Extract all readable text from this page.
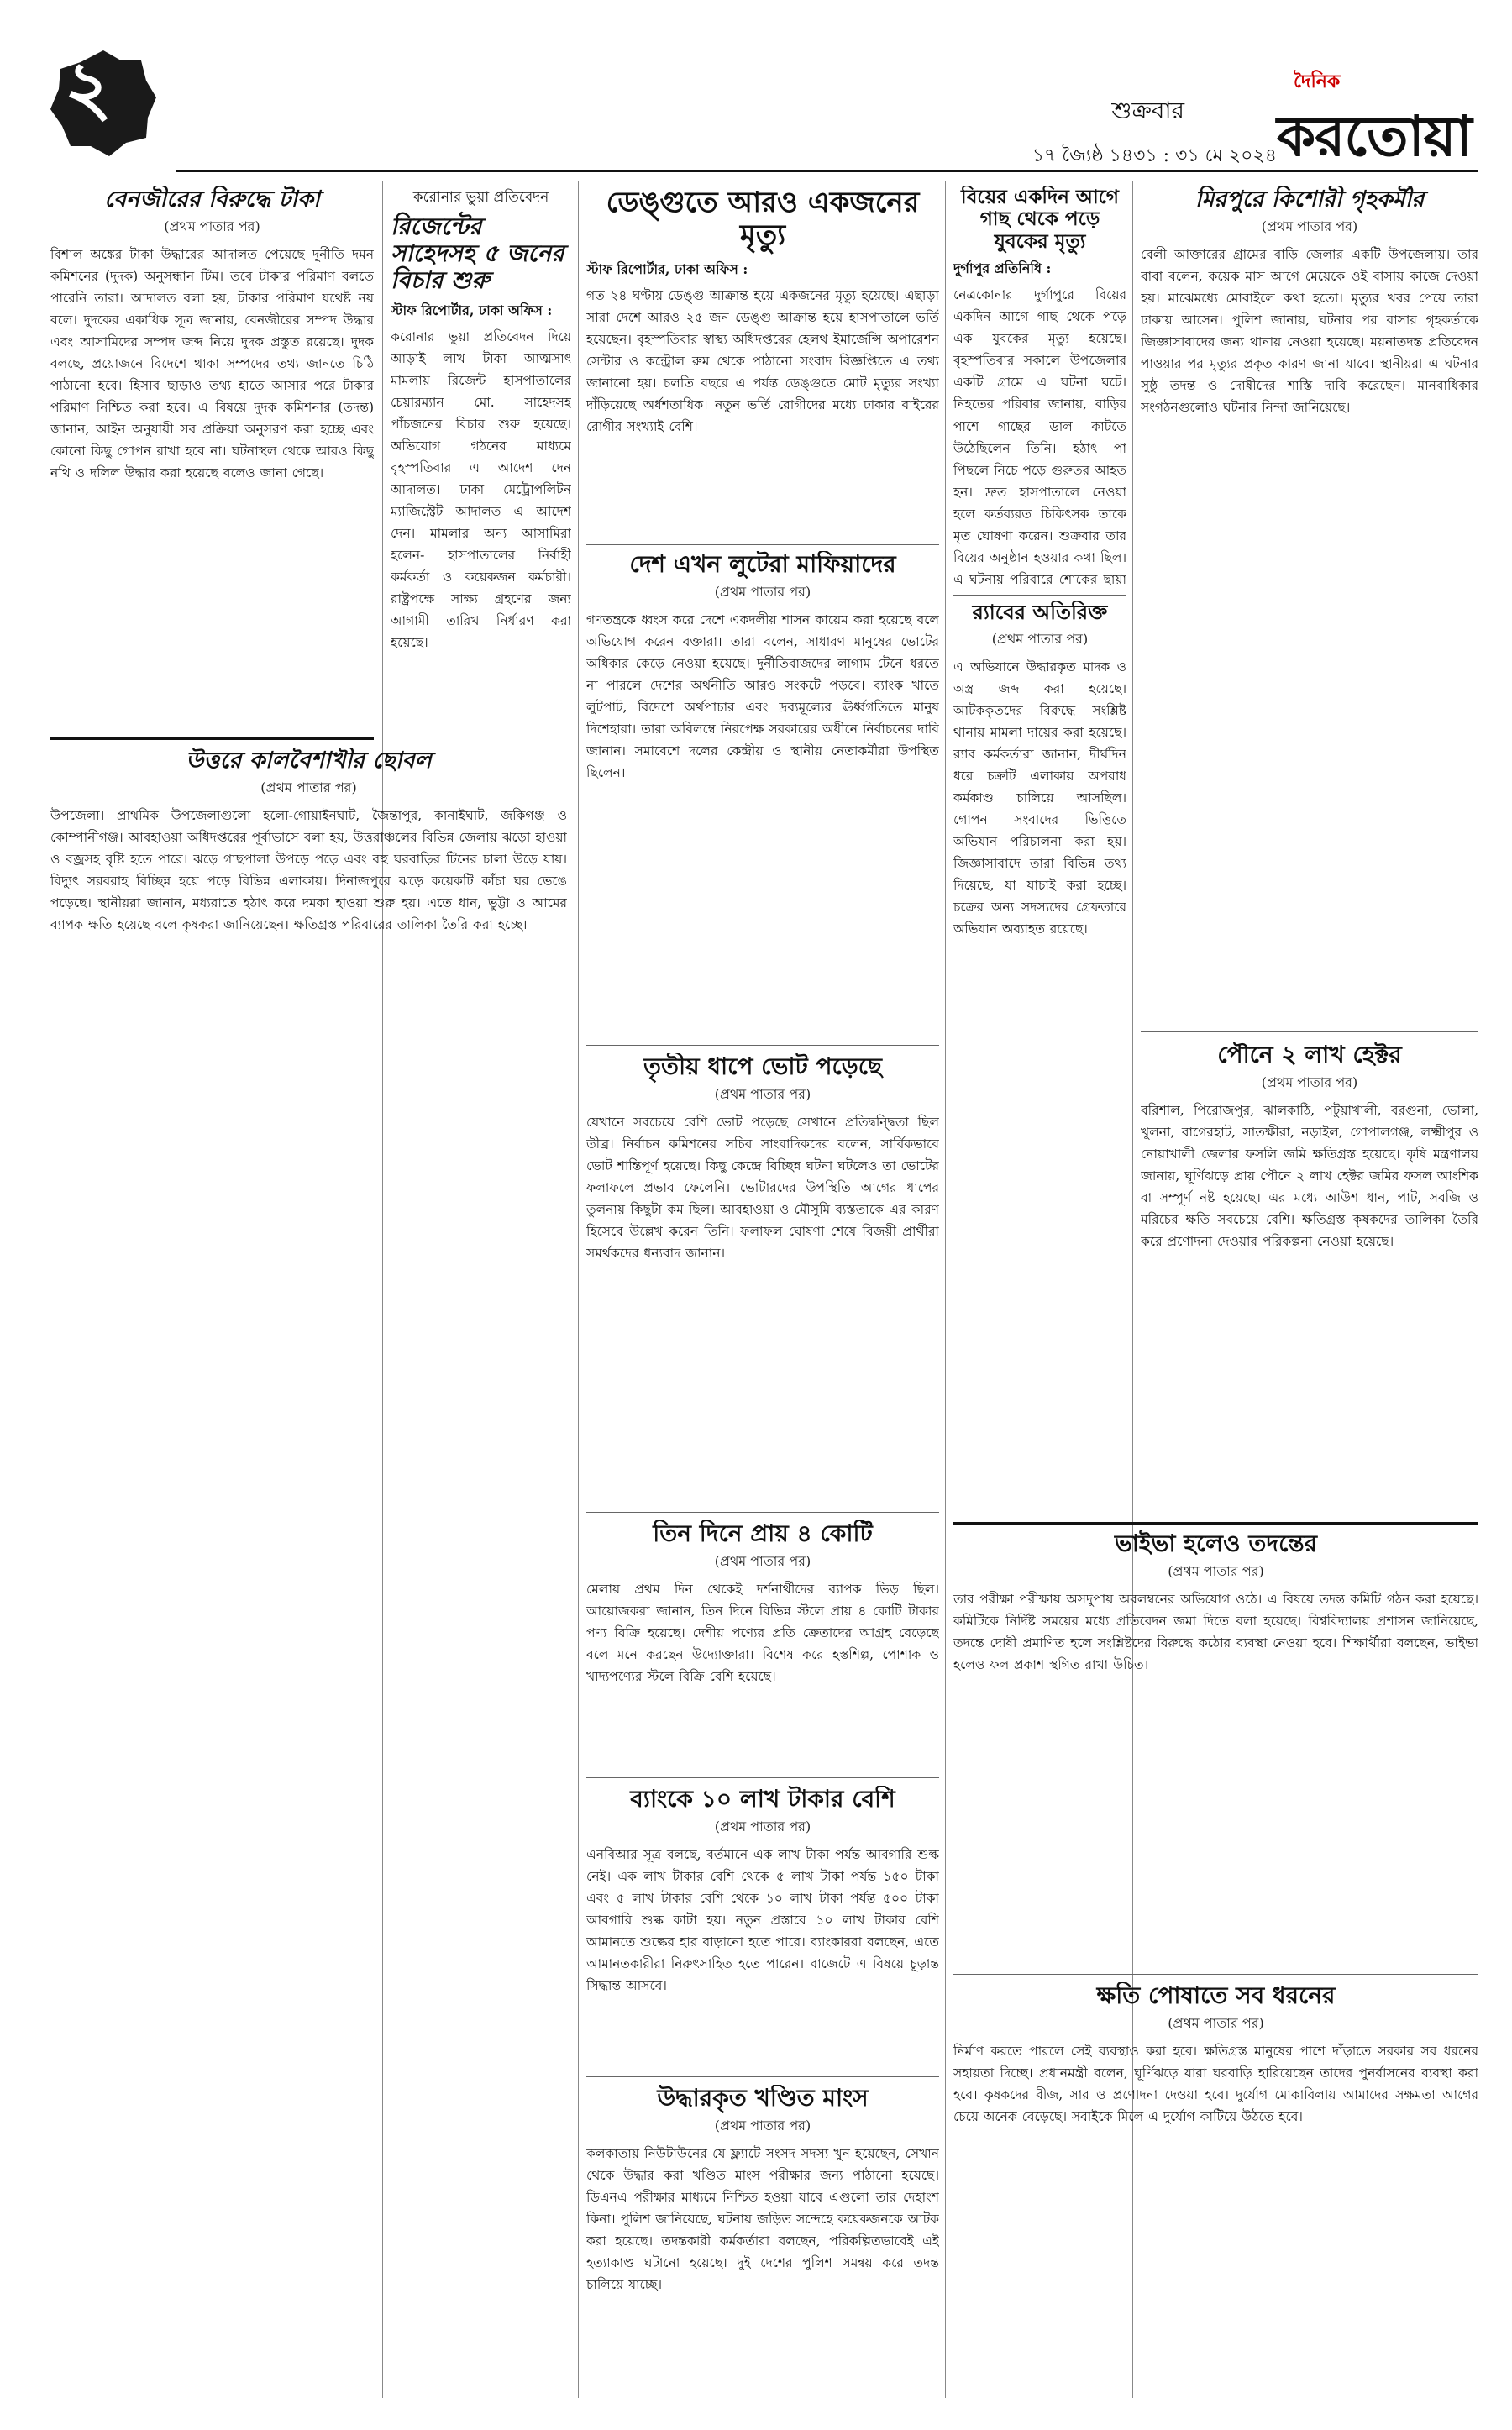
২	শুক্রবার
১৭ জ্যৈষ্ঠ ১৪৩১ : ৩১ মে ২০২৪
দৈনিক
করতোয়া
বেনজীরের বিরুদ্ধে টাকা
(প্রথম পাতার পর)
বিশাল অঙ্কের টাকা উদ্ধারের আদালত পেয়েছে দুর্নীতি দমন কমিশনের (দুদক) অনুসন্ধান টিম। তবে টাকার পরিমাণ বলতে পারেনি তারা। আদালত বলা হয়, টাকার পরিমাণ যথেষ্ট নয় বলে। দুদকের একাধিক সূত্র জানায়, বেনজীরের সম্পদ উদ্ধার এবং আসামিদের সম্পদ জব্দ নিয়ে দুদক প্রস্তুত রয়েছে। দুদক বলছে, প্রয়োজনে বিদেশে থাকা সম্পদের তথ্য জানতে চিঠি পাঠানো হবে। হিসাব ছাড়াও তথ্য হাতে আসার পরে টাকার পরিমাণ নিশ্চিত করা হবে। এ বিষয়ে দুদক কমিশনার (তদন্ত) জানান, আইন অনুযায়ী সব প্রক্রিয়া অনুসরণ করা হচ্ছে এবং কোনো কিছু গোপন রাখা হবে না। ঘটনাস্থল থেকে আরও কিছু নথি ও দলিল উদ্ধার করা হয়েছে বলেও জানা গেছে।
উত্তরে কালবৈশাখীর ছোবল
(প্রথম পাতার পর)
উপজেলা। প্রাথমিক উপজেলাগুলো হলো-গোয়াইনঘাট, জৈন্তাপুর, কানাইঘাট, জকিগঞ্জ ও কোম্পানীগঞ্জ। আবহাওয়া অধিদপ্তরের পূর্বাভাসে বলা হয়, উত্তরাঞ্চলের বিভিন্ন জেলায় ঝড়ো হাওয়া ও বজ্রসহ বৃষ্টি হতে পারে। ঝড়ে গাছপালা উপড়ে পড়ে এবং বহু ঘরবাড়ির টিনের চালা উড়ে যায়। বিদ্যুৎ সরবরাহ বিচ্ছিন্ন হয়ে পড়ে বিভিন্ন এলাকায়। দিনাজপুরে ঝড়ে কয়েকটি কাঁচা ঘর ভেঙে পড়েছে। স্থানীয়রা জানান, মধ্যরাতে হঠাৎ করে দমকা হাওয়া শুরু হয়। এতে ধান, ভুট্টা ও আমের ব্যাপক ক্ষতি হয়েছে বলে কৃষকরা জানিয়েছেন। ক্ষতিগ্রস্ত পরিবারের তালিকা তৈরি করা হচ্ছে।
করোনার ভুয়া প্রতিবেদন
রিজেন্টের সাহেদসহ ৫ জনের বিচার শুরু
স্টাফ রিপোর্টার, ঢাকা অফিস :
করোনার ভুয়া প্রতিবেদন দিয়ে আড়াই লাখ টাকা আত্মসাৎ মামলায় রিজেন্ট হাসপাতালের চেয়ারম্যান মো. সাহেদসহ পাঁচজনের বিচার শুরু হয়েছে। অভিযোগ গঠনের মাধ্যমে বৃহস্পতিবার এ আদেশ দেন আদালত। ঢাকা মেট্রোপলিটন ম্যাজিস্ট্রেট আদালত এ আদেশ দেন। মামলার অন্য আসামিরা হলেন- হাসপাতালের নির্বাহী কর্মকর্তা ও কয়েকজন কর্মচারী। রাষ্ট্রপক্ষে সাক্ষ্য গ্রহণের জন্য আগামী তারিখ নির্ধারণ করা হয়েছে।
ডেঙ্গুতে আরও একজনের মৃত্যু
স্টাফ রিপোর্টার, ঢাকা অফিস :
গত ২৪ ঘণ্টায় ডেঙ্গু আক্রান্ত হয়ে একজনের মৃত্যু হয়েছে। এছাড়া সারা দেশে আরও ২৫ জন ডেঙ্গু আক্রান্ত হয়ে হাসপাতালে ভর্তি হয়েছেন। বৃহস্পতিবার স্বাস্থ্য অধিদপ্তরের হেলথ ইমার্জেন্সি অপারেশন সেন্টার ও কন্ট্রোল রুম থেকে পাঠানো সংবাদ বিজ্ঞপ্তিতে এ তথ্য জানানো হয়। চলতি বছরে এ পর্যন্ত ডেঙ্গুতে মোট মৃত্যুর সংখ্যা দাঁড়িয়েছে অর্ধশতাধিক। নতুন ভর্তি রোগীদের মধ্যে ঢাকার বাইরের রোগীর সংখ্যাই বেশি।
দেশ এখন লুটেরা মাফিয়াদের
(প্রথম পাতার পর)
গণতন্ত্রকে ধ্বংস করে দেশে একদলীয় শাসন কায়েম করা হয়েছে বলে অভিযোগ করেন বক্তারা। তারা বলেন, সাধারণ মানুষের ভোটের অধিকার কেড়ে নেওয়া হয়েছে। দুর্নীতিবাজদের লাগাম টেনে ধরতে না পারলে দেশের অর্থনীতি আরও সংকটে পড়বে। ব্যাংক খাতে লুটপাট, বিদেশে অর্থপাচার এবং দ্রব্যমূল্যের ঊর্ধ্বগতিতে মানুষ দিশেহারা। তারা অবিলম্বে নিরপেক্ষ সরকারের অধীনে নির্বাচনের দাবি জানান। সমাবেশে দলের কেন্দ্রীয় ও স্থানীয় নেতাকর্মীরা উপস্থিত ছিলেন।
তৃতীয় ধাপে ভোট পড়েছে
(প্রথম পাতার পর)
যেখানে সবচেয়ে বেশি ভোট পড়েছে সেখানে প্রতিদ্বন্দ্বিতা ছিল তীব্র। নির্বাচন কমিশনের সচিব সাংবাদিকদের বলেন, সার্বিকভাবে ভোট শান্তিপূর্ণ হয়েছে। কিছু কেন্দ্রে বিচ্ছিন্ন ঘটনা ঘটলেও তা ভোটের ফলাফলে প্রভাব ফেলেনি। ভোটারদের উপস্থিতি আগের ধাপের তুলনায় কিছুটা কম ছিল। আবহাওয়া ও মৌসুমি ব্যস্ততাকে এর কারণ হিসেবে উল্লেখ করেন তিনি। ফলাফল ঘোষণা শেষে বিজয়ী প্রার্থীরা সমর্থকদের ধন্যবাদ জানান।
তিন দিনে প্রায় ৪ কোটি
(প্রথম পাতার পর)
মেলায় প্রথম দিন থেকেই দর্শনার্থীদের ব্যাপক ভিড় ছিল। আয়োজকরা জানান, তিন দিনে বিভিন্ন স্টলে প্রায় ৪ কোটি টাকার পণ্য বিক্রি হয়েছে। দেশীয় পণ্যের প্রতি ক্রেতাদের আগ্রহ বেড়েছে বলে মনে করছেন উদ্যোক্তারা। বিশেষ করে হস্তশিল্প, পোশাক ও খাদ্যপণ্যের স্টলে বিক্রি বেশি হয়েছে।
ব্যাংকে ১০ লাখ টাকার বেশি
(প্রথম পাতার পর)
এনবিআর সূত্র বলছে, বর্তমানে এক লাখ টাকা পর্যন্ত আবগারি শুল্ক নেই। এক লাখ টাকার বেশি থেকে ৫ লাখ টাকা পর্যন্ত ১৫০ টাকা এবং ৫ লাখ টাকার বেশি থেকে ১০ লাখ টাকা পর্যন্ত ৫০০ টাকা আবগারি শুল্ক কাটা হয়। নতুন প্রস্তাবে ১০ লাখ টাকার বেশি আমানতে শুল্কের হার বাড়ানো হতে পারে। ব্যাংকাররা বলছেন, এতে আমানতকারীরা নিরুৎসাহিত হতে পারেন। বাজেটে এ বিষয়ে চূড়ান্ত সিদ্ধান্ত আসবে।
উদ্ধারকৃত খণ্ডিত মাংস
(প্রথম পাতার পর)
কলকাতায় নিউটাউনের যে ফ্ল্যাটে সংসদ সদস্য খুন হয়েছেন, সেখান থেকে উদ্ধার করা খণ্ডিত মাংস পরীক্ষার জন্য পাঠানো হয়েছে। ডিএনএ পরীক্ষার মাধ্যমে নিশ্চিত হওয়া যাবে এগুলো তার দেহাংশ কিনা। পুলিশ জানিয়েছে, ঘটনায় জড়িত সন্দেহে কয়েকজনকে আটক করা হয়েছে। তদন্তকারী কর্মকর্তারা বলছেন, পরিকল্পিতভাবেই এই হত্যাকাণ্ড ঘটানো হয়েছে। দুই দেশের পুলিশ সমন্বয় করে তদন্ত চালিয়ে যাচ্ছে।
বিয়ের একদিন আগে গাছ থেকে পড়ে যুবকের মৃত্যু
দুর্গাপুর প্রতিনিধি :
নেত্রকোনার দুর্গাপুরে বিয়ের একদিন আগে গাছ থেকে পড়ে এক যুবকের মৃত্যু হয়েছে। বৃহস্পতিবার সকালে উপজেলার একটি গ্রামে এ ঘটনা ঘটে। নিহতের পরিবার জানায়, বাড়ির পাশে গাছের ডাল কাটতে উঠেছিলেন তিনি। হঠাৎ পা পিছলে নিচে পড়ে গুরুতর আহত হন। দ্রুত হাসপাতালে নেওয়া হলে কর্তব্যরত চিকিৎসক তাকে মৃত ঘোষণা করেন। শুক্রবার তার বিয়ের অনুষ্ঠান হওয়ার কথা ছিল। এ ঘটনায় পরিবারে শোকের ছায়া
র‌্যাবের অতিরিক্ত
(প্রথম পাতার পর)
এ অভিযানে উদ্ধারকৃত মাদক ও অস্ত্র জব্দ করা হয়েছে। আটককৃতদের বিরুদ্ধে সংশ্লিষ্ট থানায় মামলা দায়ের করা হয়েছে। র‌্যাব কর্মকর্তারা জানান, দীর্ঘদিন ধরে চক্রটি এলাকায় অপরাধ কর্মকাণ্ড চালিয়ে আসছিল। গোপন সংবাদের ভিত্তিতে অভিযান পরিচালনা করা হয়। জিজ্ঞাসাবাদে তারা বিভিন্ন তথ্য দিয়েছে, যা যাচাই করা হচ্ছে। চক্রের অন্য সদস্যদের গ্রেফতারে অভিযান অব্যাহত রয়েছে।
মিরপুরে কিশোরী গৃহকর্মীর
(প্রথম পাতার পর)
বেলী আক্তারের গ্রামের বাড়ি জেলার একটি উপজেলায়। তার বাবা বলেন, কয়েক মাস আগে মেয়েকে ওই বাসায় কাজে দেওয়া হয়। মাঝেমধ্যে মোবাইলে কথা হতো। মৃত্যুর খবর পেয়ে তারা ঢাকায় আসেন। পুলিশ জানায়, ঘটনার পর বাসার গৃহকর্তাকে জিজ্ঞাসাবাদের জন্য থানায় নেওয়া হয়েছে। ময়নাতদন্ত প্রতিবেদন পাওয়ার পর মৃত্যুর প্রকৃত কারণ জানা যাবে। স্থানীয়রা এ ঘটনার সুষ্ঠু তদন্ত ও দোষীদের শাস্তি দাবি করেছেন। মানবাধিকার সংগঠনগুলোও ঘটনার নিন্দা জানিয়েছে।
পৌনে ২ লাখ হেক্টর
(প্রথম পাতার পর)
বরিশাল, পিরোজপুর, ঝালকাঠি, পটুয়াখালী, বরগুনা, ভোলা, খুলনা, বাগেরহাট, সাতক্ষীরা, নড়াইল, গোপালগঞ্জ, লক্ষ্মীপুর ও নোয়াখালী জেলার ফসলি জমি ক্ষতিগ্রস্ত হয়েছে। কৃষি মন্ত্রণালয় জানায়, ঘূর্ণিঝড়ে প্রায় পৌনে ২ লাখ হেক্টর জমির ফসল আংশিক বা সম্পূর্ণ নষ্ট হয়েছে। এর মধ্যে আউশ ধান, পাট, সবজি ও মরিচের ক্ষতি সবচেয়ে বেশি। ক্ষতিগ্রস্ত কৃষকদের তালিকা তৈরি করে প্রণোদনা দেওয়ার পরিকল্পনা নেওয়া হয়েছে।
ভাইভা হলেও তদন্তের
(প্রথম পাতার পর)
তার পরীক্ষা পরীক্ষায় অসদুপায় অবলম্বনের অভিযোগ ওঠে। এ বিষয়ে তদন্ত কমিটি গঠন করা হয়েছে। কমিটিকে নির্দিষ্ট সময়ের মধ্যে প্রতিবেদন জমা দিতে বলা হয়েছে। বিশ্ববিদ্যালয় প্রশাসন জানিয়েছে, তদন্তে দোষী প্রমাণিত হলে সংশ্লিষ্টদের বিরুদ্ধে কঠোর ব্যবস্থা নেওয়া হবে। শিক্ষার্থীরা বলছেন, ভাইভা হলেও ফল প্রকাশ স্থগিত রাখা উচিত।
ক্ষতি পোষাতে সব ধরনের
(প্রথম পাতার পর)
নির্মাণ করতে পারলে সেই ব্যবস্থাও করা হবে। ক্ষতিগ্রস্ত মানুষের পাশে দাঁড়াতে সরকার সব ধরনের সহায়তা দিচ্ছে। প্রধানমন্ত্রী বলেন, ঘূর্ণিঝড়ে যারা ঘরবাড়ি হারিয়েছেন তাদের পুনর্বাসনের ব্যবস্থা করা হবে। কৃষকদের বীজ, সার ও প্রণোদনা দেওয়া হবে। দুর্যোগ মোকাবিলায় আমাদের সক্ষমতা আগের চেয়ে অনেক বেড়েছে। সবাইকে মিলে এ দুর্যোগ কাটিয়ে উঠতে হবে।
